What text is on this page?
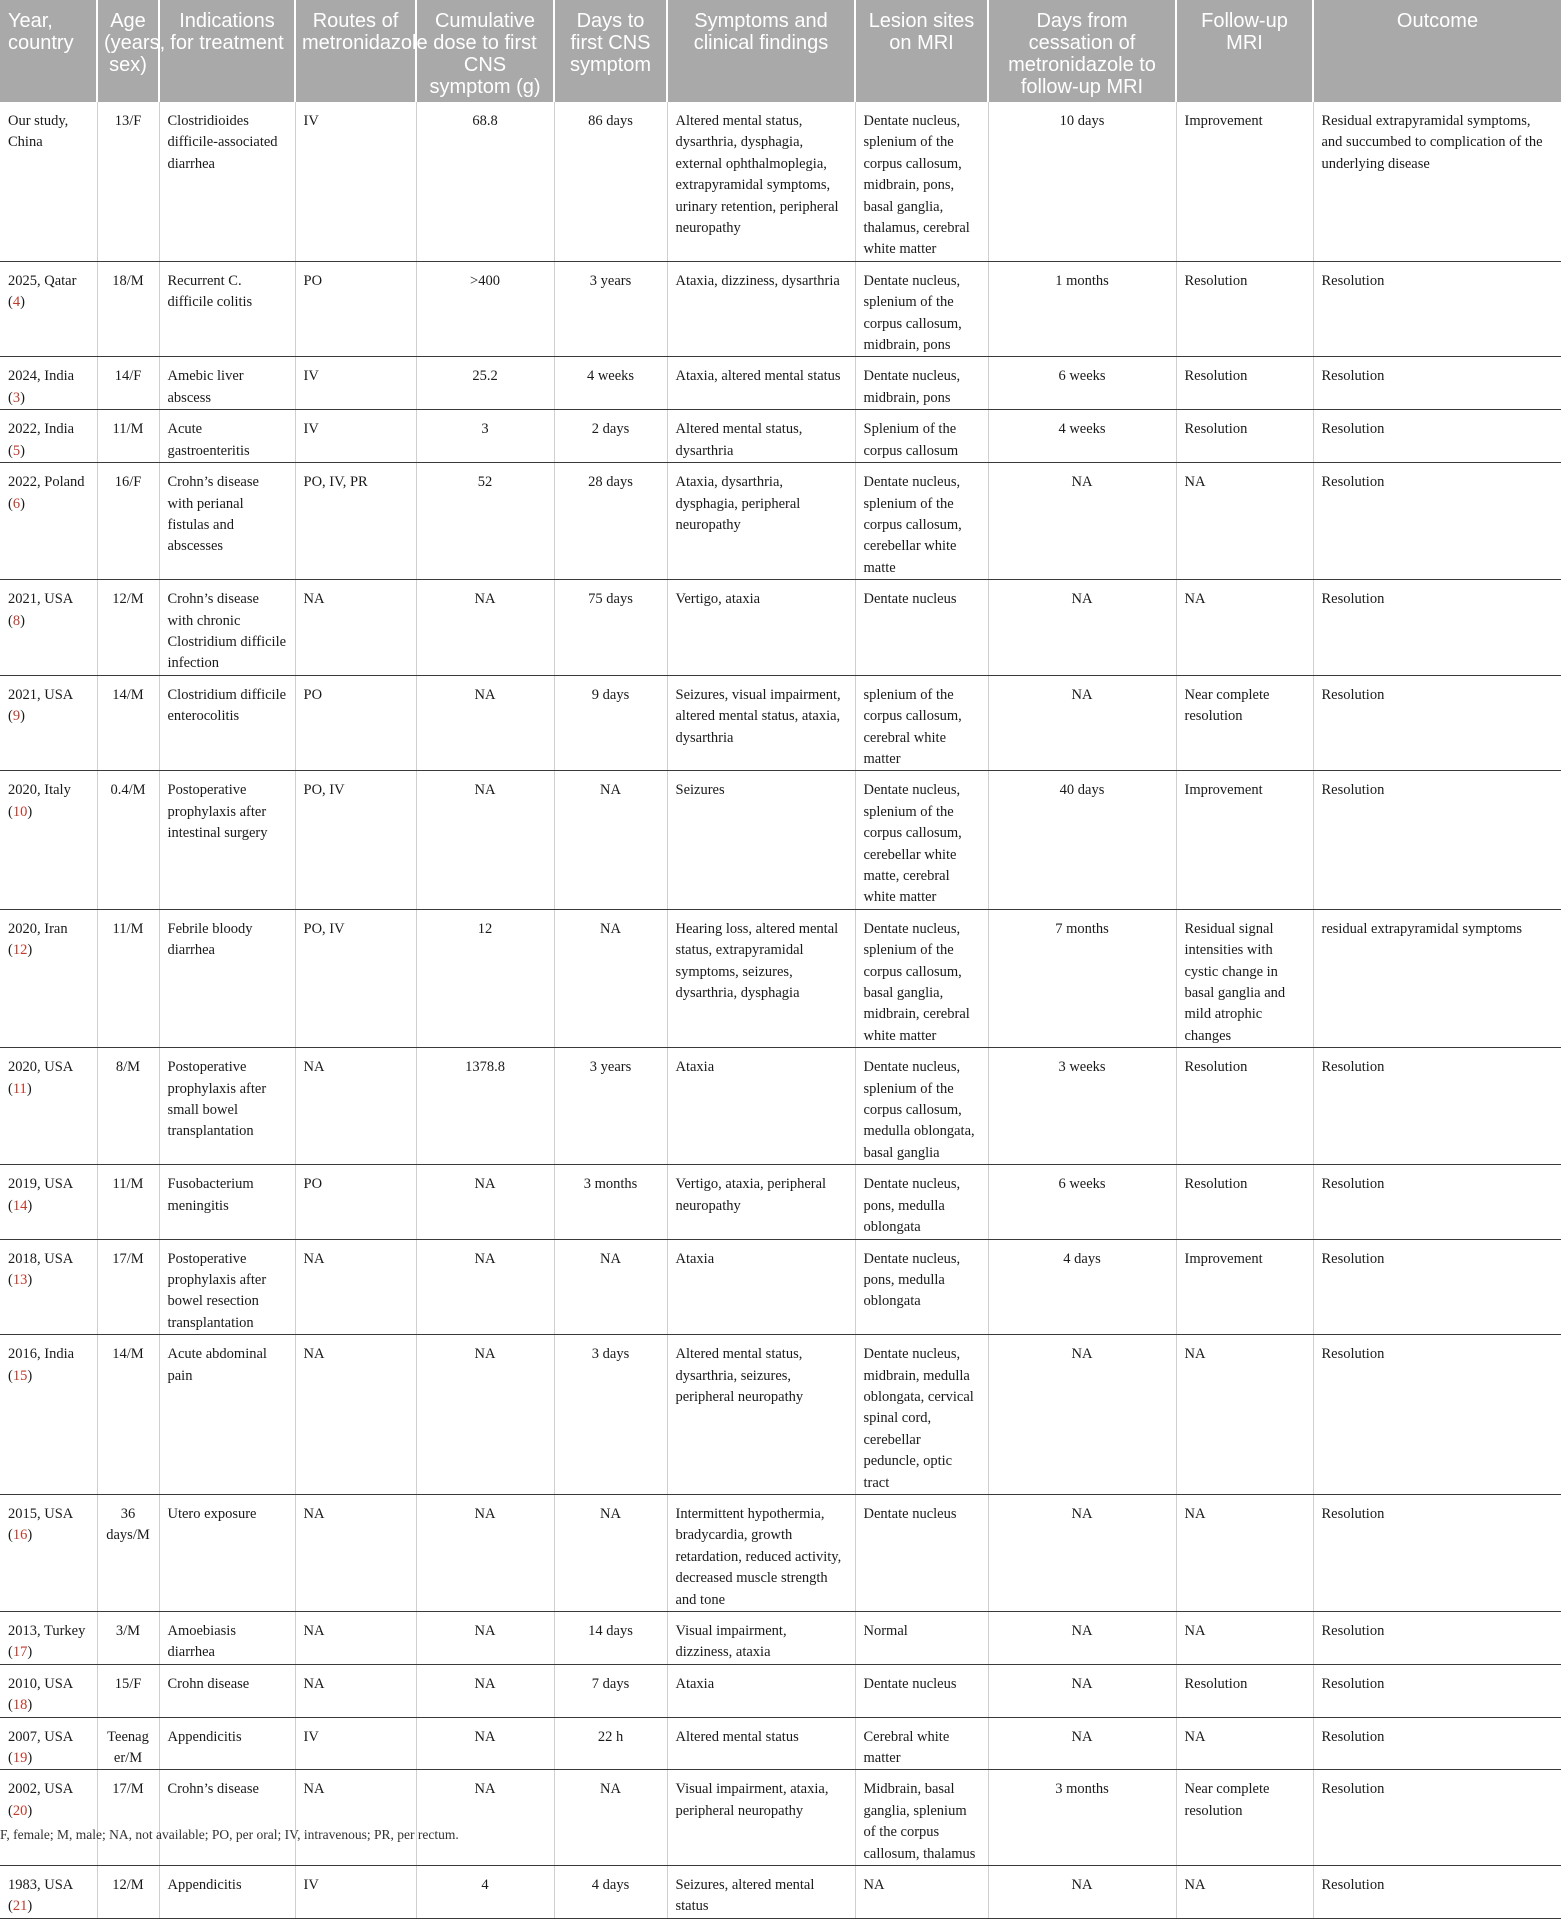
Year, country	Age (years, sex)	Indications for treatment	Routes of metronidazole	Cumulative dose to first CNS symptom (g)	Days to first CNS symptom	Symptoms and clinical findings	Lesion sites on MRI	Days from cessation of metronidazole to follow-up MRI	Follow-up MRI	Outcome
Our study, China	13/F	Clostridioides difficile-associated diarrhea	IV	68.8	86 days	Altered mental status, dysarthria, dysphagia, external ophthalmoplegia, extrapyramidal symptoms, urinary retention, peripheral neuropathy	Dentate nucleus, splenium of the corpus callosum, midbrain, pons, basal ganglia, thalamus, cerebral white matter	10 days	Improvement	Residual extrapyramidal symptoms, and succumbed to complication of the underlying disease
2025, Qatar (4)	18/M	Recurrent C. difficile colitis	PO	>400	3 years	Ataxia, dizziness, dysarthria	Dentate nucleus, splenium of the corpus callosum, midbrain, pons	1 months	Resolution	Resolution
2024, India (3)	14/F	Amebic liver abscess	IV	25.2	4 weeks	Ataxia, altered mental status	Dentate nucleus, midbrain, pons	6 weeks	Resolution	Resolution
2022, India (5)	11/M	Acute gastroenteritis	IV	3	2 days	Altered mental status, dysarthria	Splenium of the corpus callosum	4 weeks	Resolution	Resolution
2022, Poland (6)	16/F	Crohn’s disease with perianal fistulas and abscesses	PO, IV, PR	52	28 days	Ataxia, dysarthria, dysphagia, peripheral neuropathy	Dentate nucleus, splenium of the corpus callosum, cerebellar white matte	NA	NA	Resolution
2021, USA (8)	12/M	Crohn’s disease with chronic Clostridium difficile infection	NA	NA	75 days	Vertigo, ataxia	Dentate nucleus	NA	NA	Resolution
2021, USA (9)	14/M	Clostridium difficile enterocolitis	PO	NA	9 days	Seizures, visual impairment, altered mental status, ataxia, dysarthria	splenium of the corpus callosum, cerebral white matter	NA	Near complete resolution	Resolution
2020, Italy (10)	0.4/M	Postoperative prophylaxis after intestinal surgery	PO, IV	NA	NA	Seizures	Dentate nucleus, splenium of the corpus callosum, cerebellar white matte, cerebral white matter	40 days	Improvement	Resolution
2020, Iran (12)	11/M	Febrile bloody diarrhea	PO, IV	12	NA	Hearing loss, altered mental status, extrapyramidal symptoms, seizures, dysarthria, dysphagia	Dentate nucleus, splenium of the corpus callosum, basal ganglia, midbrain, cerebral white matter	7 months	Residual signal intensities with cystic change in basal ganglia and mild atrophic changes	residual extrapyramidal symptoms
2020, USA (11)	8/M	Postoperative prophylaxis after small bowel transplantation	NA	1378.8	3 years	Ataxia	Dentate nucleus, splenium of the corpus callosum, medulla oblongata, basal ganglia	3 weeks	Resolution	Resolution
2019, USA (14)	11/M	Fusobacterium meningitis	PO	NA	3 months	Vertigo, ataxia, peripheral neuropathy	Dentate nucleus, pons, medulla oblongata	6 weeks	Resolution	Resolution
2018, USA (13)	17/M	Postoperative prophylaxis after bowel resection transplantation	NA	NA	NA	Ataxia	Dentate nucleus, pons, medulla oblongata	4 days	Improvement	Resolution
2016, India (15)	14/M	Acute abdominal pain	NA	NA	3 days	Altered mental status, dysarthria, seizures, peripheral neuropathy	Dentate nucleus, midbrain, medulla oblongata, cervical spinal cord, cerebellar peduncle, optic tract	NA	NA	Resolution
2015, USA (16)	36 days/M	Utero exposure	NA	NA	NA	Intermittent hypothermia, bradycardia, growth retardation, reduced activity, decreased muscle strength and tone	Dentate nucleus	NA	NA	Resolution
2013, Turkey (17)	3/M	Amoebiasis diarrhea	NA	NA	14 days	Visual impairment, dizziness, ataxia	Normal	NA	NA	Resolution
2010, USA (18)	15/F	Crohn disease	NA	NA	7 days	Ataxia	Dentate nucleus	NA	Resolution	Resolution
2007, USA (19)	Teenager/M	Appendicitis	IV	NA	22 h	Altered mental status	Cerebral white matter	NA	NA	Resolution
2002, USA (20)	17/M	Crohn’s disease	NA	NA	NA	Visual impairment, ataxia, peripheral neuropathy	Midbrain, basal ganglia, splenium of the corpus callosum, thalamus	3 months	Near complete resolution	Resolution
1983, USA (21)	12/M	Appendicitis	IV	4	4 days	Seizures, altered mental status	NA	NA	NA	Resolution
F, female; M, male; NA, not available; PO, per oral; IV, intravenous; PR, per rectum.
